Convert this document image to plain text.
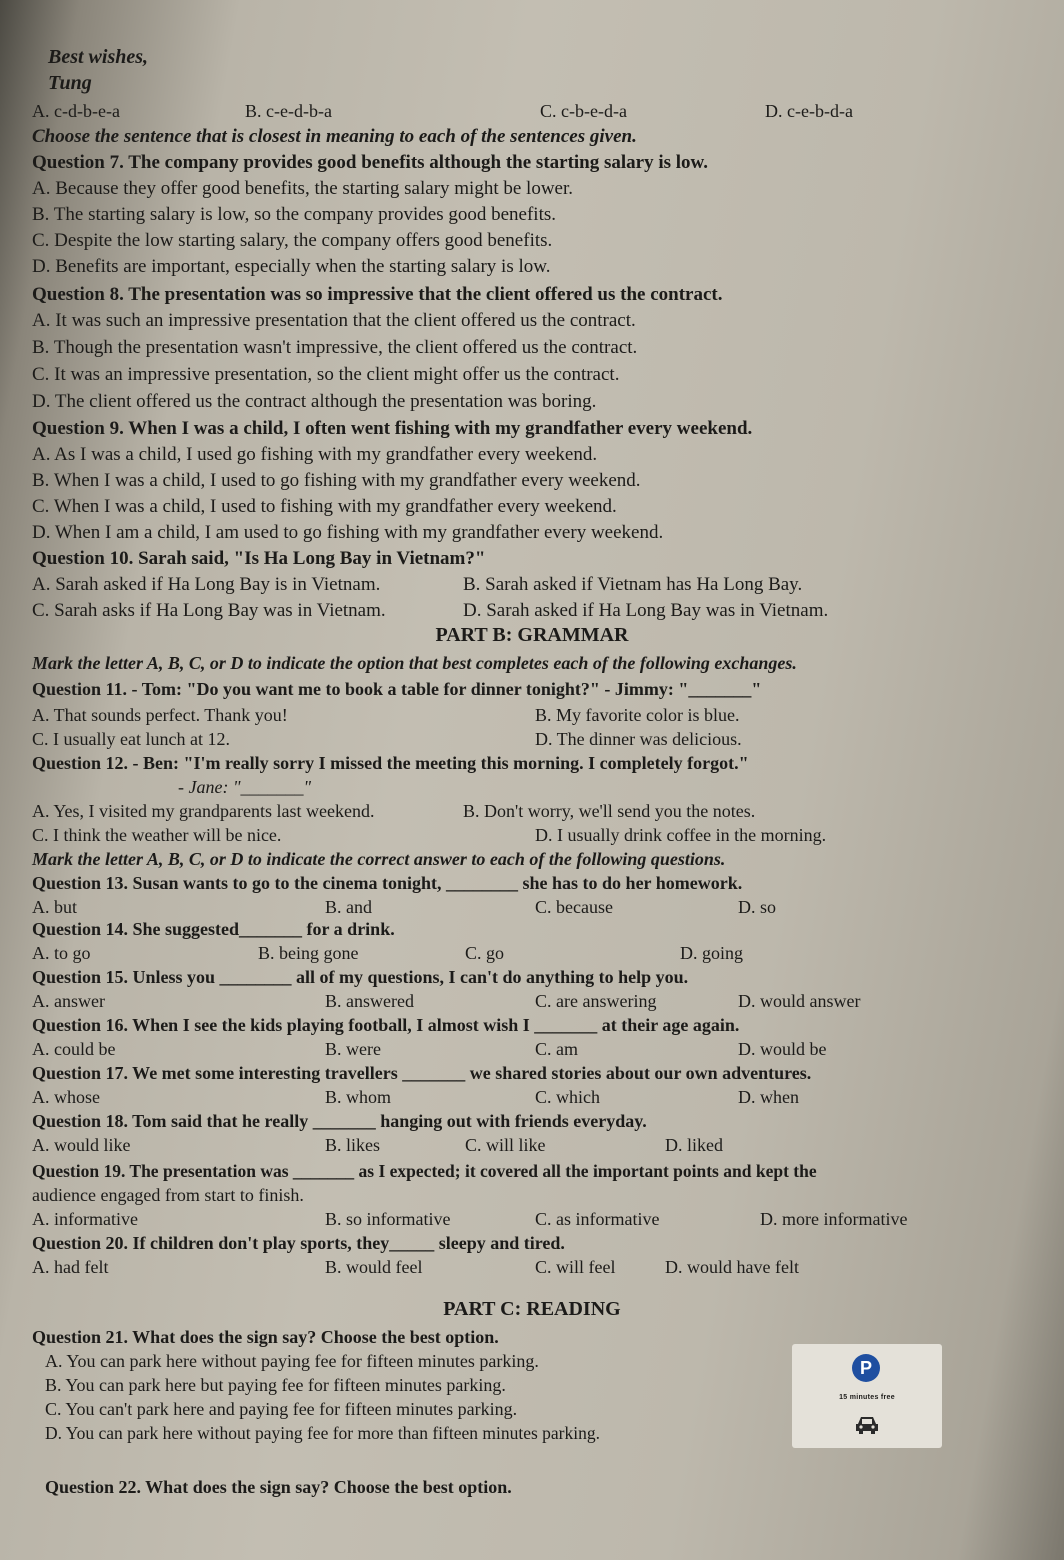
Best wishes,
Tung
A. c-d-b-e-a	B. c-e-d-b-a	C. c-b-e-d-a	D. c-e-b-d-a
Choose the sentence that is closest in meaning to each of the sentences given.
Question 7. The company provides good benefits although the starting salary is low.
A. Because they offer good benefits, the starting salary might be lower.
B. The starting salary is low, so the company provides good benefits.
C. Despite the low starting salary, the company offers good benefits.
D. Benefits are important, especially when the starting salary is low.
Question 8. The presentation was so impressive that the client offered us the contract.
A. It was such an impressive presentation that the client offered us the contract.
B. Though the presentation wasn't impressive, the client offered us the contract.
C. It was an impressive presentation, so the client might offer us the contract.
D. The client offered us the contract although the presentation was boring.
Question 9. When I was a child, I often went fishing with my grandfather every weekend.
A. As I was a child, I used go fishing with my grandfather every weekend.
B. When I was a child, I used to go fishing with my grandfather every weekend.
C. When I was a child, I used to fishing with my grandfather every weekend.
D. When I am a child, I am used to go fishing with my grandfather every weekend.
Question 10. Sarah said, "Is Ha Long Bay in Vietnam?"
A. Sarah asked if Ha Long Bay is in Vietnam.	B. Sarah asked if Vietnam has Ha Long Bay.
C. Sarah asks if Ha Long Bay was in Vietnam.	D. Sarah asked if Ha Long Bay was in Vietnam.
PART B: GRAMMAR
Mark the letter A, B, C, or D to indicate the option that best completes each of the following exchanges.
Question 11. - Tom: "Do you want me to book a table for dinner tonight?" - Jimmy: "_______"
A. That sounds perfect. Thank you!	B. My favorite color is blue.
C. I usually eat lunch at 12.	D. The dinner was delicious.
Question 12. - Ben: "I'm really sorry I missed the meeting this morning. I completely forgot."
- Jane: "_______"
A. Yes, I visited my grandparents last weekend.	B. Don't worry, we'll send you the notes.
C. I think the weather will be nice.	D. I usually drink coffee in the morning.
Mark the letter A, B, C, or D to indicate the correct answer to each of the following questions.
Question 13. Susan wants to go to the cinema tonight, ________ she has to do her homework.
A. but	B. and	C. because	D. so
Question 14. She suggested_______ for a drink.
A. to go	B. being gone	C. go	D. going
Question 15. Unless you ________ all of my questions, I can't do anything to help you.
A. answer	B. answered	C. are answering	D. would answer
Question 16. When I see the kids playing football, I almost wish I _______ at their age again.
A. could be	B. were	C. am	D. would be
Question 17. We met some interesting travellers _______ we shared stories about our own adventures.
A. whose	B. whom	C. which	D. when
Question 18. Tom said that he really _______ hanging out with friends everyday.
A. would like	B. likes	C. will like	D. liked
Question 19. The presentation was _______ as I expected; it covered all the important points and kept the
audience engaged from start to finish.
A. informative	B. so informative	C. as informative	D. more informative
Question 20. If children don't play sports, they_____ sleepy and tired.
A. had felt	B. would feel	C. will feel	D. would have felt
PART C: READING
Question 21. What does the sign say? Choose the best option.
A. You can park here without paying fee for fifteen minutes parking.
B. You can park here but paying fee for fifteen minutes parking.
C. You can't park here and paying fee for fifteen minutes parking.
D. You can park here without paying fee for more than fifteen minutes parking.
P
15 minutes free
Question 22. What does the sign say? Choose the best option.
